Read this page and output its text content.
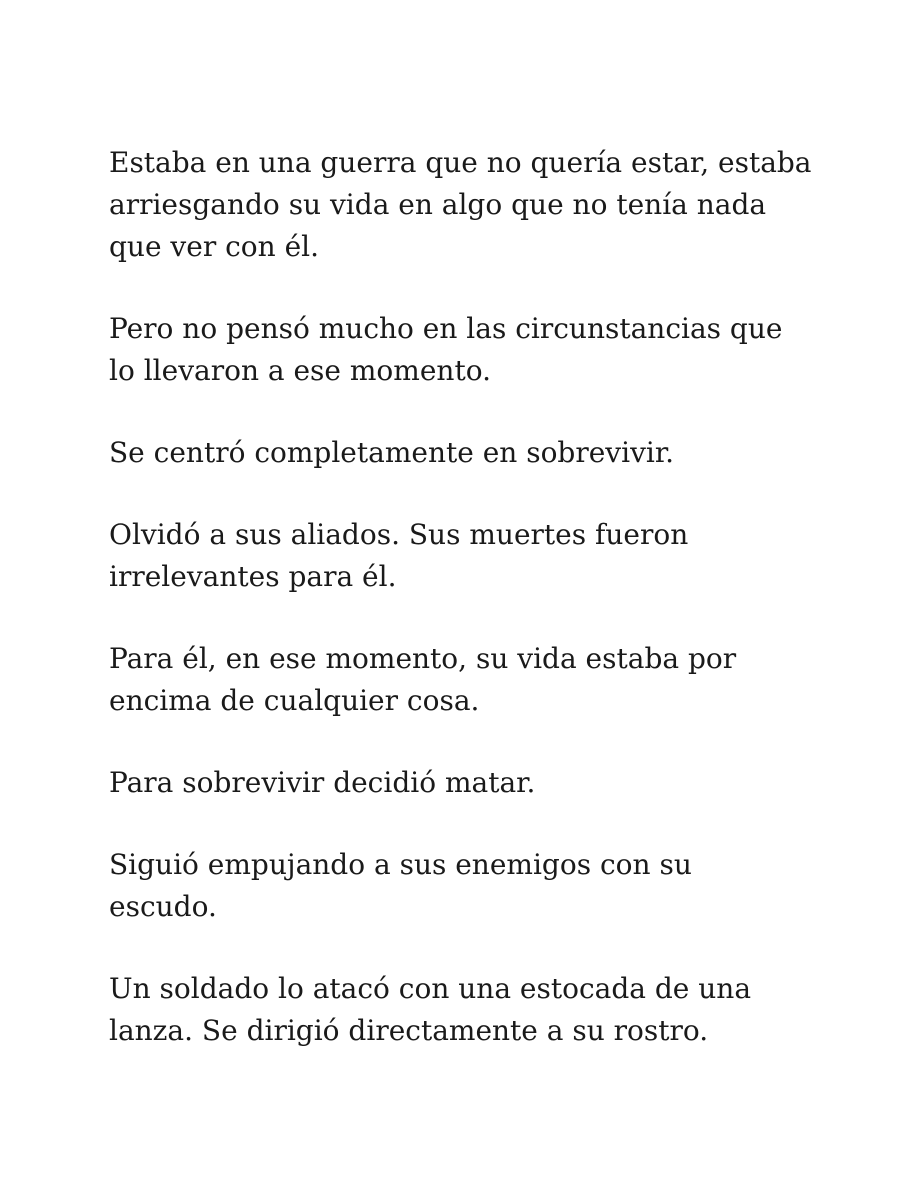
Estaba en una guerra que no quería estar, estaba
arriesgando su vida en algo que no tenía nada
que ver con él.

Pero no pensó mucho en las circunstancias que
lo llevaron a ese momento.

Se centró completamente en sobrevivir.

Olvidó a sus aliados. Sus muertes fueron
irrelevantes para él.

Para él, en ese momento, su vida estaba por
encima de cualquier cosa.

Para sobrevivir decidió matar.

Siguió empujando a sus enemigos con su
escudo.

Un soldado lo atacó con una estocada de una
lanza. Se dirigió directamente a su rostro.
